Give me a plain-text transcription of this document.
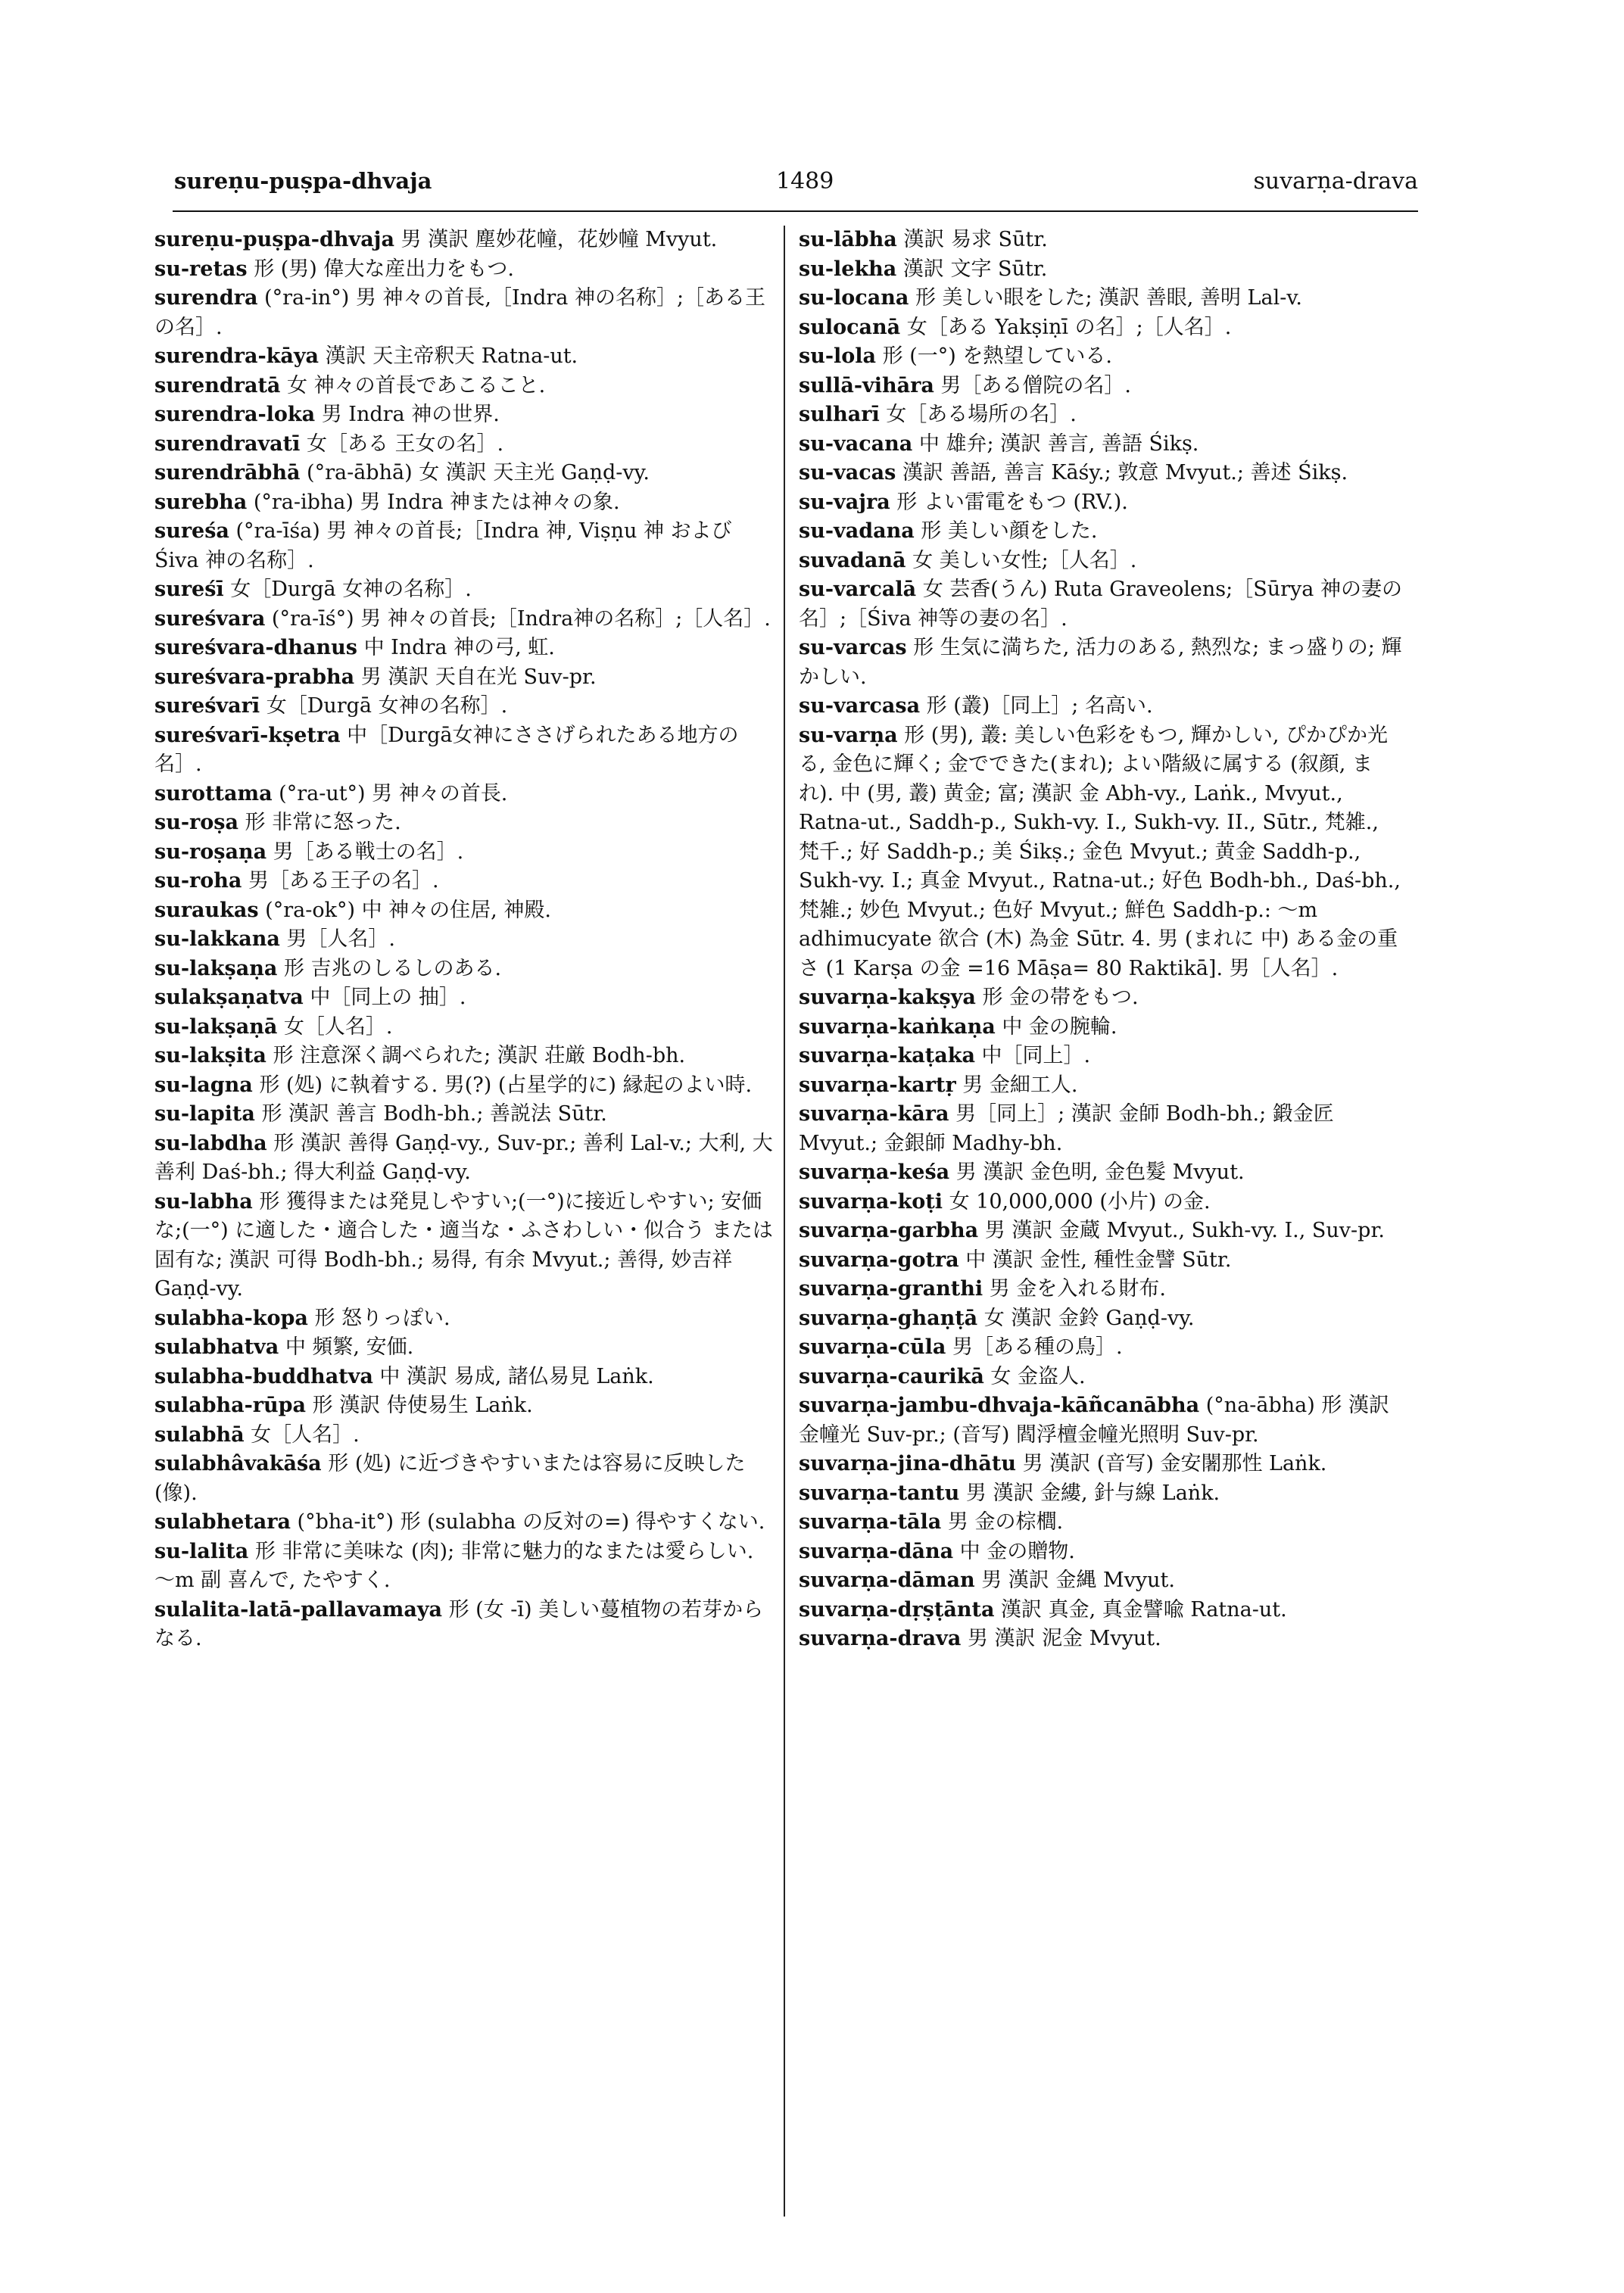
sureṇu-puṣpa-dhvaja	1489	suvarṇa-drava

sureṇu-puṣpa-dhvaja 男 漢訳 塵妙花幢，花妙幢 Mvyut.

su-retas 形 (男) 偉大な産出力をもつ.

surendra (°ra-in°) 男 神々の首長,［Indra 神の名称］;［ある王の名］.

surendra-kāya 漢訳 天主帝釈天 Ratna-ut.

surendratā 女 神々の首長であこること.

surendra-loka 男 Indra 神の世界.

surendravatī 女［ある 王女の名］.

surendrābhā (°ra-ābhā) 女 漢訳 天主光 Gaṇḍ-vy.

surebha (°ra-ibha) 男 Indra 神または神々の象.

sureśa (°ra-īśa) 男 神々の首長;［Indra 神, Viṣṇu 神 および Śiva 神の名称］.

sureśī 女［Durgā 女神の名称］.

sureśvara (°ra-īś°) 男 神々の首長;［Indra神の名称］;［人名］.

sureśvara-dhanus 中 Indra 神の弓, 虹.

sureśvara-prabha 男 漢訳 天自在光 Suv-pr.

sureśvarī 女［Durgā 女神の名称］.

sureśvarī-kṣetra 中［Durgā女神にささげられたある地方の名］.

surottama (°ra-ut°) 男 神々の首長.

su-roṣa 形 非常に怒った.

su-roṣaṇa 男［ある戦士の名］.

su-roha 男［ある王子の名］.

suraukas (°ra-ok°) 中 神々の住居, 神殿.

su-lakkana 男［人名］.

su-lakṣaṇa 形 吉兆のしるしのある.

sulakṣaṇatva 中［同上の 抽］.

su-lakṣaṇā 女［人名］.

su-lakṣita 形 注意深く調べられた; 漢訳 荘厳 Bodh-bh.

su-lagna 形 (処) に執着する. 男(?) (占星学的に) 縁起のよい時.

su-lapita 形 漢訳 善言 Bodh-bh.; 善説法 Sūtr.

su-labdha 形 漢訳 善得 Gaṇḍ-vy., Suv-pr.; 善利 Lal-v.; 大利, 大善利 Daś-bh.; 得大利益 Gaṇḍ-vy.

su-labha 形 獲得または発見しやすい;(一°)に接近しやすい; 安価な;(一°) に適した・適合した・適当な・ふさわしい・似合う または 固有な; 漢訳 可得 Bodh-bh.; 易得, 有余 Mvyut.; 善得, 妙吉祥 Gaṇḍ-vy.

sulabha-kopa 形 怒りっぽい.

sulabhatva 中 頻繁, 安価.

sulabha-buddhatva 中 漢訳 易成, 諸仏易見 Laṅk.

sulabha-rūpa 形 漢訳 侍使易生 Laṅk.

sulabhā 女［人名］.

sulabhâvakāśa 形 (処) に近づきやすいまたは容易に反映した (像).

sulabhetara (°bha-it°) 形 (sulabha の反対の=) 得やすくない.

su-lalita 形 非常に美味な (肉); 非常に魅力的なまたは愛らしい. ～m 副 喜んで, たやすく.

sulalita-latā-pallavamaya 形 (女 -ī) 美しい蔓植物の若芽からなる.

su-lābha 漢訳 易求 Sūtr.

su-lekha 漢訳 文字 Sūtr.

su-locana 形 美しい眼をした; 漢訳 善眼, 善明 Lal-v.

sulocanā 女［ある Yakṣiṇī の名］;［人名］.

su-lola 形 (一°) を熱望している.

sullā-vihāra 男［ある僧院の名］.

sulharī 女［ある場所の名］.

su-vacana 中 雄弁; 漢訳 善言, 善語 Śikṣ.

su-vacas 漢訳 善語, 善言 Kāśy.; 敦意 Mvyut.; 善述 Śikṣ.

su-vajra 形 よい雷電をもつ (RV.).

su-vadana 形 美しい顔をした.

suvadanā 女 美しい女性;［人名］.

su-varcalā 女 芸香(うん) Ruta Graveolens;［Sūrya 神の妻の名］;［Śiva 神等の妻の名］.

su-varcas 形 生気に満ちた, 活力のある, 熱烈な; まっ盛りの; 輝かしい.

su-varcasa 形 (叢)［同上］; 名高い.

su-varṇa 形 (男), 叢: 美しい色彩をもつ, 輝かしい, ぴかぴか光る, 金色に輝く; 金でできた(まれ); よい階級に属する (叙顔, まれ). 中 (男, 叢) 黄金; 富; 漢訳 金 Abh-vy., Laṅk., Mvyut., Ratna-ut., Saddh-p., Sukh-vy. I., Sukh-vy. II., Sūtr., 梵雑., 梵千.; 好 Saddh-p.; 美 Śikṣ.; 金色 Mvyut.; 黄金 Saddh-p., Sukh-vy. I.; 真金 Mvyut., Ratna-ut.; 好色 Bodh-bh., Daś-bh., 梵雑.; 妙色 Mvyut.; 色好 Mvyut.; 鮮色 Saddh-p.: ～m adhimucyate 欲合 (木) 為金 Sūtr. 4. 男 (まれに 中) ある金の重さ (1 Karṣa の金 =16 Māṣa= 80 Raktikā]. 男［人名］.

suvarṇa-kakṣya 形 金の帯をもつ.

suvarṇa-kaṅkaṇa 中 金の腕輪.

suvarṇa-kaṭaka 中［同上］.

suvarṇa-kartṛ 男 金細工人.

suvarṇa-kāra 男［同上］; 漢訳 金師 Bodh-bh.; 鍛金匠 Mvyut.; 金銀師 Madhy-bh.

suvarṇa-keśa 男 漢訳 金色明, 金色髮 Mvyut.

suvarṇa-koṭi 女 10,000,000 (小片) の金.

suvarṇa-garbha 男 漢訳 金蔵 Mvyut., Sukh-vy. I., Suv-pr.

suvarṇa-gotra 中 漢訳 金性, 種性金譬 Sūtr.

suvarṇa-granthi 男 金を入れる財布.

suvarṇa-ghaṇṭā 女 漢訳 金鈴 Gaṇḍ-vy.

suvarṇa-cūla 男［ある種の鳥］.

suvarṇa-caurikā 女 金盗人.

suvarṇa-jambu-dhvaja-kāñcanābha (°na-ābha) 形 漢訳 金幢光 Suv-pr.; (音写) 閻浮檀金幢光照明 Suv-pr.

suvarṇa-jina-dhātu 男 漢訳 (音写) 金安闍那性 Laṅk.

suvarṇa-tantu 男 漢訳 金縷, 針与線 Laṅk.

suvarṇa-tāla 男 金の棕櫚.

suvarṇa-dāna 中 金の贈物.

suvarṇa-dāman 男 漢訳 金縄 Mvyut.

suvarṇa-dṛṣṭānta 漢訳 真金, 真金譬喩 Ratna-ut.

suvarṇa-drava 男 漢訳 泥金 Mvyut.
